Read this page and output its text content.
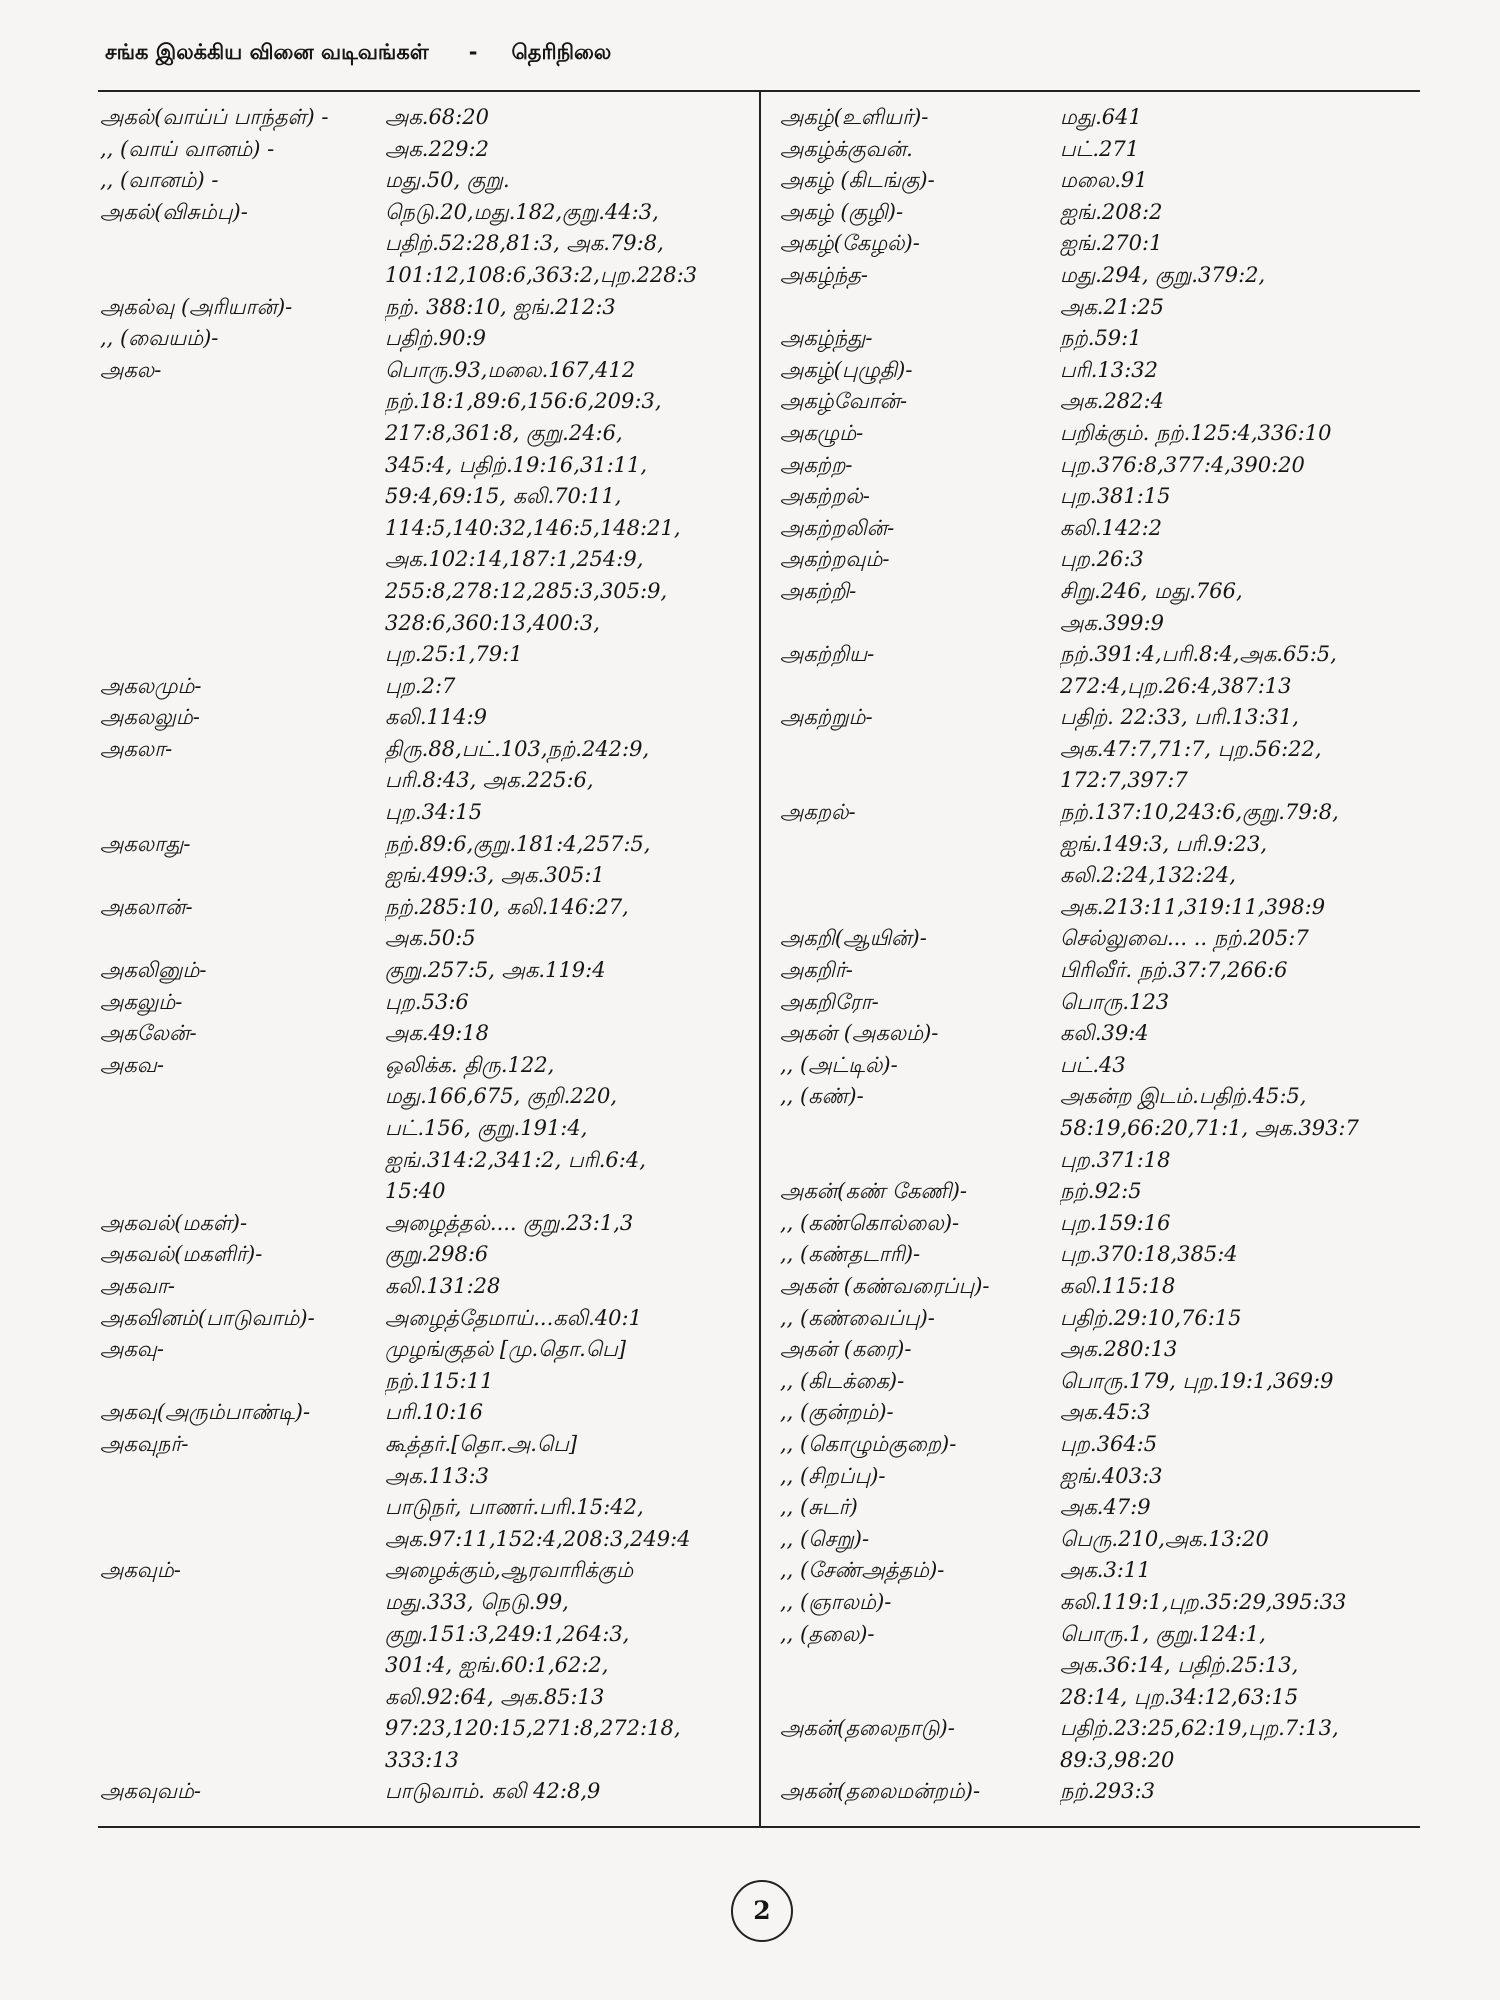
சங்க இலக்கிய வினை வடிவங்கள் - தெரிநிலை
அகல்(வாய்ப் பாந்தள்) -	அக.68:20
,, (வாய் வானம்) -	அக.229:2
,, (வானம்) -	மது.50, குறு.
அகல்(விசும்பு)-	நெடு.20,மது.182,குறு.44:3,
பதிற்.52:28,81:3, அக.79:8,
101:12,108:6,363:2,புற.228:3
அகல்வு (அரியான்)-	நற். 388:10, ஐங்.212:3
,, (வையம்)-	பதிற்.90:9
அகல-	பொரு.93,மலை.167,412
நற்.18:1,89:6,156:6,209:3,
217:8,361:8, குறு.24:6,
345:4, பதிற்.19:16,31:11,
59:4,69:15, கலி.70:11,
114:5,140:32,146:5,148:21,
அக.102:14,187:1,254:9,
255:8,278:12,285:3,305:9,
328:6,360:13,400:3,
புற.25:1,79:1
அகலமும்-	புற.2:7
அகலலும்-	கலி.114:9
அகலா-	திரு.88,பட்.103,நற்.242:9,
பரி.8:43, அக.225:6,
புற.34:15
அகலாது-	நற்.89:6,குறு.181:4,257:5,
ஐங்.499:3, அக.305:1
அகலான்-	நற்.285:10, கலி.146:27,
அக.50:5
அகலினும்-	குறு.257:5, அக.119:4
அகலும்-	புற.53:6
அகலேன்-	அக.49:18
அகவ-	ஒலிக்க. திரு.122,
மது.166,675, குறி.220,
பட்.156, குறு.191:4,
ஐங்.314:2,341:2, பரி.6:4,
15:40
அகவல்(மகள்)-	அழைத்தல்.... குறு.23:1,3
அகவல்(மகளிர்)-	குறு.298:6
அகவா-	கலி.131:28
அகவினம்(பாடுவாம்)-	அழைத்தேமாய்...கலி.40:1
அகவு-	முழங்குதல் [மு.தொ.பெ]
நற்.115:11
அகவு(அரும்பாண்டி)-	பரி.10:16
அகவுநர்-	கூத்தர்.[தொ.அ.பெ]
அக.113:3
பாடுநர், பாணர்.பரி.15:42,
அக.97:11,152:4,208:3,249:4
அகவும்-	அழைக்கும்,ஆரவாரிக்கும்
மது.333, நெடு.99,
குறு.151:3,249:1,264:3,
301:4, ஐங்.60:1,62:2,
கலி.92:64, அக.85:13
97:23,120:15,271:8,272:18,
333:13
அகவுவம்-	பாடுவாம். கலி 42:8,9
அகழ்(உளியர்)-	மது.641
அகழ்க்குவன்.	பட்.271
அகழ் (கிடங்கு)-	மலை.91
அகழ் (குழி)-	ஐங்.208:2
அகழ்(கேழல்)-	ஐங்.270:1
அகழ்ந்த-	மது.294, குறு.379:2,
அக.21:25
அகழ்ந்து-	நற்.59:1
அகழ்(புழுதி)-	பரி.13:32
அகழ்வோன்-	அக.282:4
அகழும்-	பறிக்கும். நற்.125:4,336:10
அகற்ற-	புற.376:8,377:4,390:20
அகற்றல்-	புற.381:15
அகற்றலின்-	கலி.142:2
அகற்றவும்-	புற.26:3
அகற்றி-	சிறு.246, மது.766,
அக.399:9
அகற்றிய-	நற்.391:4,பரி.8:4,அக.65:5,
272:4,புற.26:4,387:13
அகற்றும்-	பதிற். 22:33, பரி.13:31,
அக.47:7,71:7, புற.56:22,
172:7,397:7
அகறல்-	நற்.137:10,243:6,குறு.79:8,
ஐங்.149:3, பரி.9:23,
கலி.2:24,132:24,
அக.213:11,319:11,398:9
அகறி(ஆயின்)-	செல்லுவை... .. நற்.205:7
அகறிர்-	பிரிவீர். நற்.37:7,266:6
அகறிரோ-	பொரு.123
அகன் (அகலம்)-	கலி.39:4
,, (அட்டில்)-	பட்.43
,, (கண்)-	அகன்ற இடம்.பதிற்.45:5,
58:19,66:20,71:1, அக.393:7
புற.371:18
அகன்(கண் கேணி)-	நற்.92:5
,, (கண்கொல்லை)-	புற.159:16
,, (கண்தடாரி)-	புற.370:18,385:4
அகன் (கண்வரைப்பு)-	கலி.115:18
,, (கண்வைப்பு)-	பதிற்.29:10,76:15
அகன் (கரை)-	அக.280:13
,, (கிடக்கை)-	பொரு.179, புற.19:1,369:9
,, (குன்றம்)-	அக.45:3
,, (கொழும்குறை)-	புற.364:5
,, (சிறப்பு)-	ஐங்.403:3
,, (சுடர்)	அக.47:9
,, (செறு)-	பெரு.210,அக.13:20
,, (சேண்அத்தம்)-	அக.3:11
,, (ஞாலம்)-	கலி.119:1,புற.35:29,395:33
,, (தலை)-	பொரு.1, குறு.124:1,
அக.36:14, பதிற்.25:13,
28:14, புற.34:12,63:15
அகன்(தலைநாடு)-	பதிற்.23:25,62:19,புற.7:13,
89:3,98:20
அகன்(தலைமன்றம்)-	நற்.293:3
2
